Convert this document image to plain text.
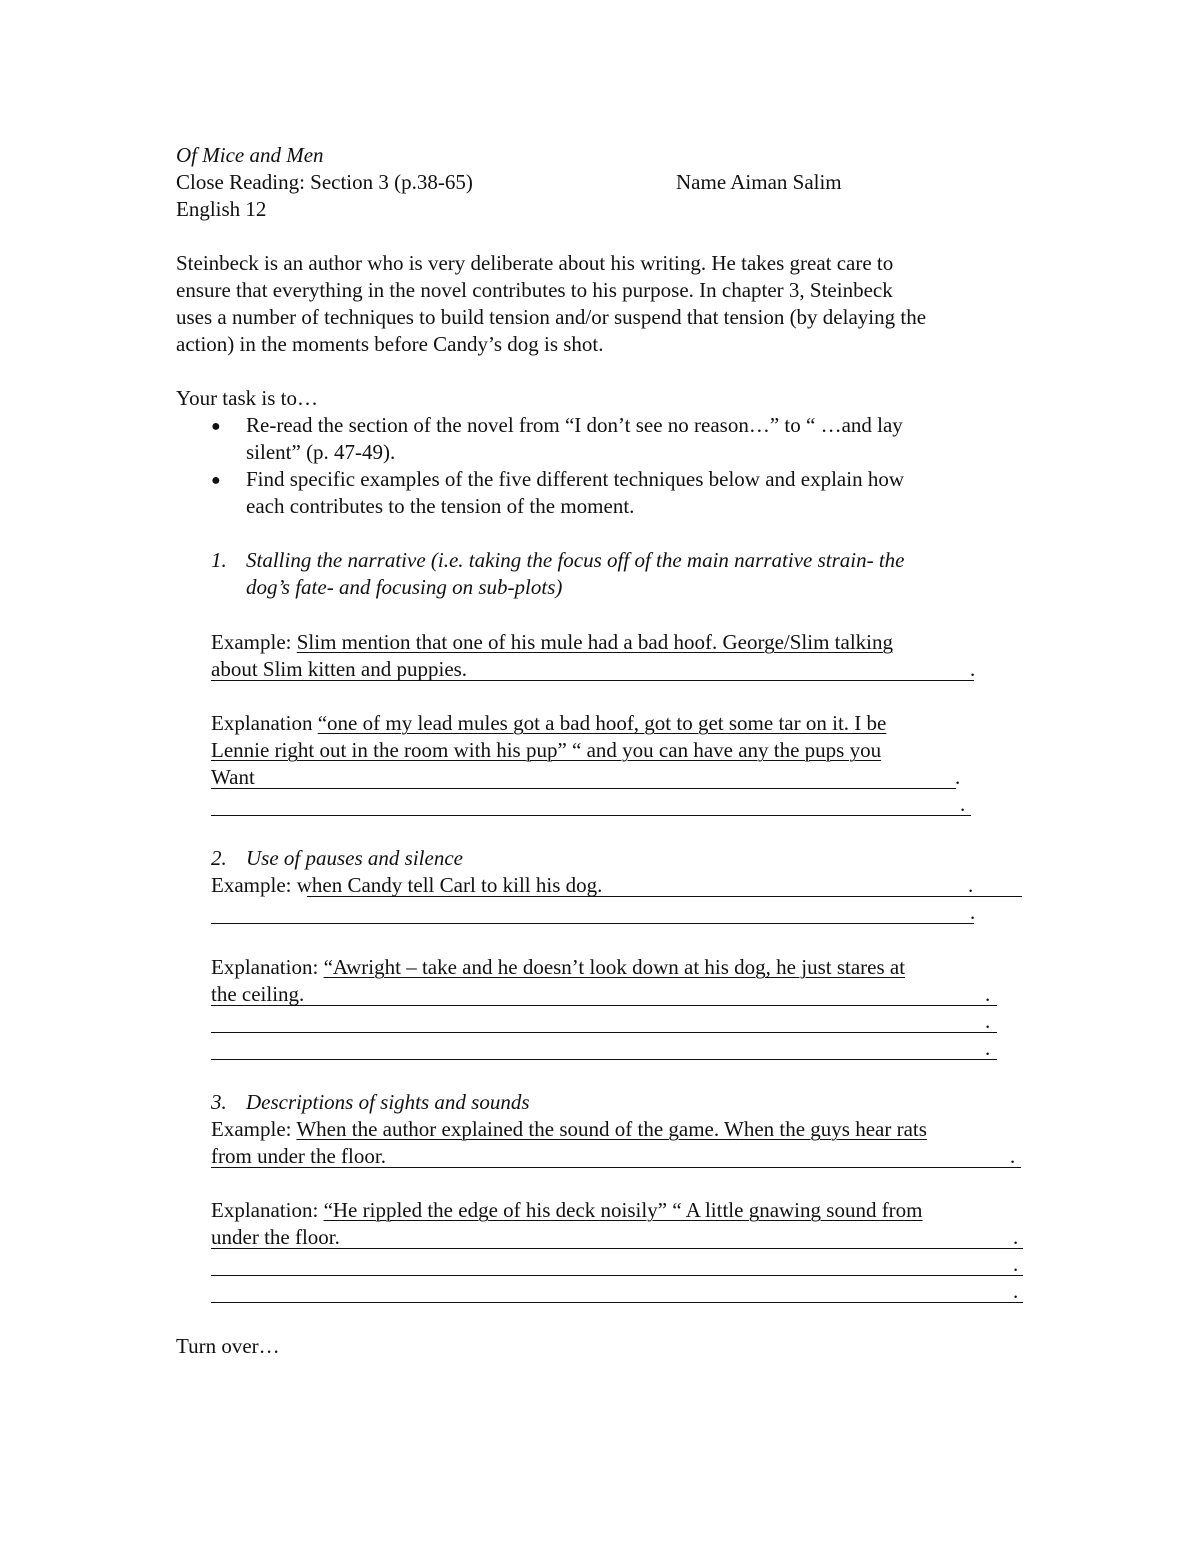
Of Mice and Men
Close Reading: Section 3 (p.38-65)	Name Aiman Salim
English 12
Steinbeck is an author who is very deliberate about his writing. He takes great care to
ensure that everything in the novel contributes to his purpose. In chapter 3, Steinbeck
uses a number of techniques to build tension and/or suspend that tension (by delaying the
action) in the moments before Candy’s dog is shot.
Your task is to…
● Re-read the section of the novel from “I don’t see no reason…” to “ …and lay
silent” (p. 47-49).
● Find specific examples of the five different techniques below and explain how
each contributes to the tension of the moment.
1. Stalling the narrative (i.e. taking the focus off of the main narrative strain- the
dog’s fate- and focusing on sub-plots)
Example: Slim mention that one of his mule had a bad hoof. George/Slim talking
about Slim kitten and puppies.	.
Explanation “one of my lead mules got a bad hoof, got to get some tar on it. I be
Lennie right out in the room with his pup” “ and you can have any the pups you
Want	.
.
2. Use of pauses and silence
Example: when Candy tell Carl to kill his dog.	.
.
Explanation: “Awright – take and he doesn’t look down at his dog, he just stares at
the ceiling.	.
.
.
3. Descriptions of sights and sounds
Example: When the author explained the sound of the game. When the guys hear rats
from under the floor.	.
Explanation: “He rippled the edge of his deck noisily” “ A little gnawing sound from
under the floor.	.
.
.
Turn over…
